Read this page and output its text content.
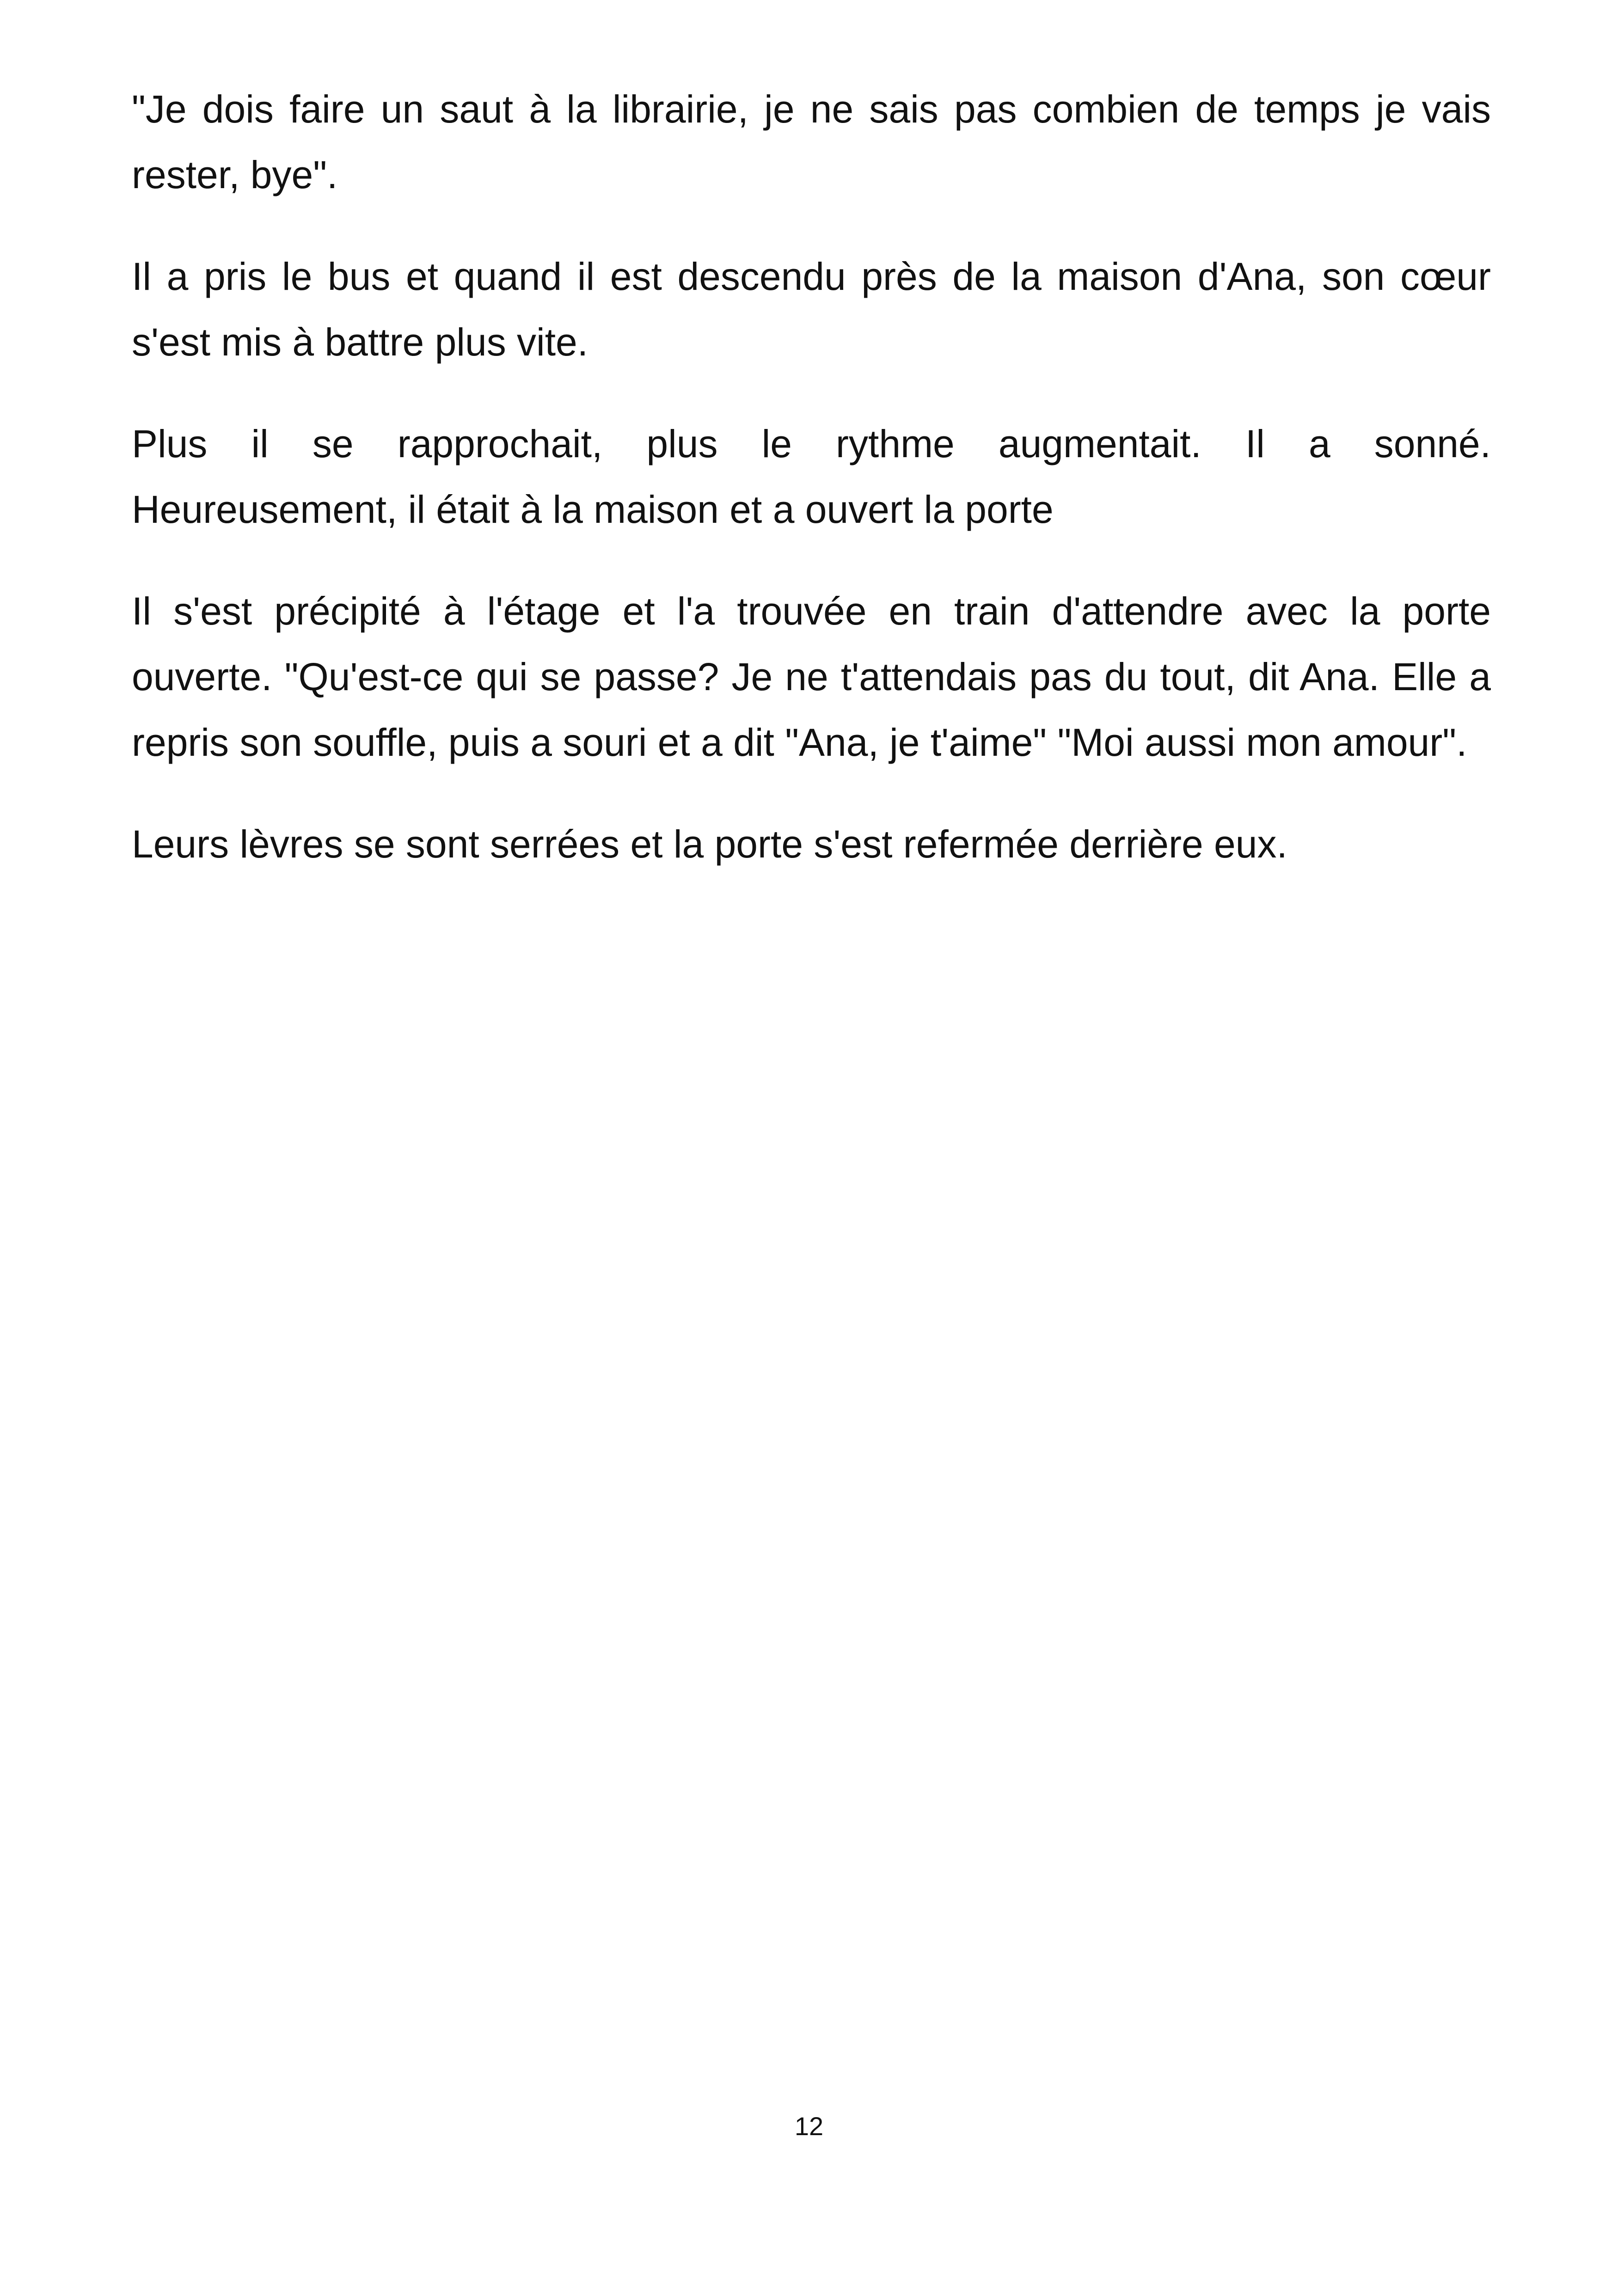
"Je dois faire un saut à la librairie, je ne sais pas combien de temps je vais rester, bye".

Il a pris le bus et quand il est descendu près de la maison d'Ana, son cœur s'est mis à battre plus vite.

Plus il se rapprochait, plus le rythme augmentait. Il a sonné.

Heureusement, il était à la maison et a ouvert la porte

Il s'est précipité à l'étage et l'a trouvée en train d'attendre avec la porte ouverte. "Qu'est-ce qui se passe? Je ne t'attendais pas du tout, dit Ana. Elle a repris son souffle, puis a souri et a dit "Ana, je t'aime" "Moi aussi mon amour".

Leurs lèvres se sont serrées et la porte s'est refermée derrière eux.

12
